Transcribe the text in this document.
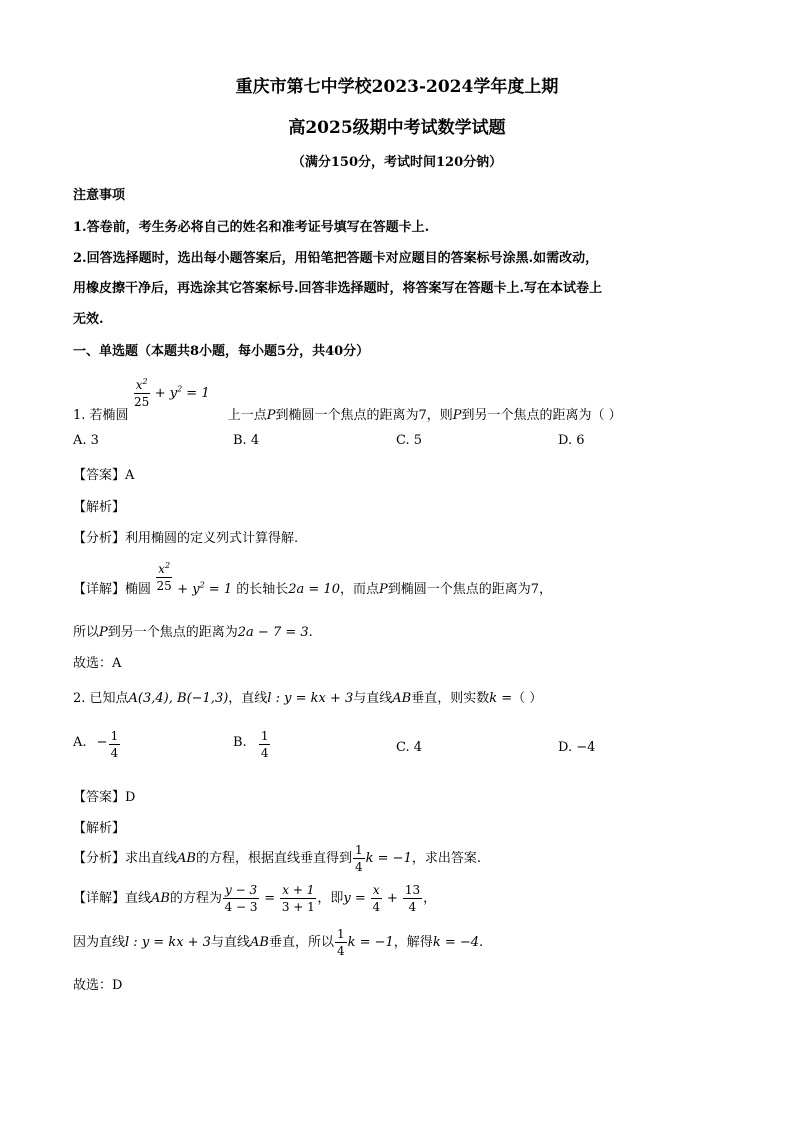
重庆市第七中学校2023-2024学年度上期
高2025级期中考试数学试题
（满分150分，考试时间120分钠）
注意事项
1.答卷前，考生务必将自己的姓名和准考证号填写在答题卡上.
2.回答选择题时，选出每小题答案后，用铅笔把答题卡对应题目的答案标号涂黑.如需改动，
用橡皮擦干净后，再选涂其它答案标号.回答非选择题时，将答案写在答题卡上.写在本试卷上
无效.
一、单选题（本题共8小题，每小题5分，共40分）
1. 若椭圆
$\frac{x^2}{25} + y^2 = 1$ 上一点P到椭圆一个焦点的距离为7，则P到另一个焦点的距离为（ ）
A. 3	B. 4	C. 5	D. 6
【答案】A
【解析】
【分析】利用椭圆的定义列式计算得解.
【详解】椭圆 $\frac{x^2}{25} + y^2 = 1$ 的长轴长2a = 10，而点P到椭圆一个焦点的距离为7，
所以P到另一个焦点的距离为2a − 7 = 3.
故选：A
2. 已知点A(3,4), B(−1,3)，直线l : y = kx + 3与直线AB垂直，则实数k =（ ）
A. − $\frac{1}{4}$	B. $\frac{1}{4}$	C. 4	D. −4
【答案】D
【解析】
【分析】求出直线AB的方程，根据直线垂直得到 $\frac{1}{4}$ k = −1，求出答案.
【详解】直线AB的方程为 $\frac{y - 3}{4 - 3} = \frac{x + 1}{3 + 1}$ ，即$y = \frac{x}{4} + \frac{13}{4}$ ，
因为直线l : y = kx + 3与直线AB垂直，所以 $\frac{1}{4}$ k = −1，解得k = −4.
故选：D
